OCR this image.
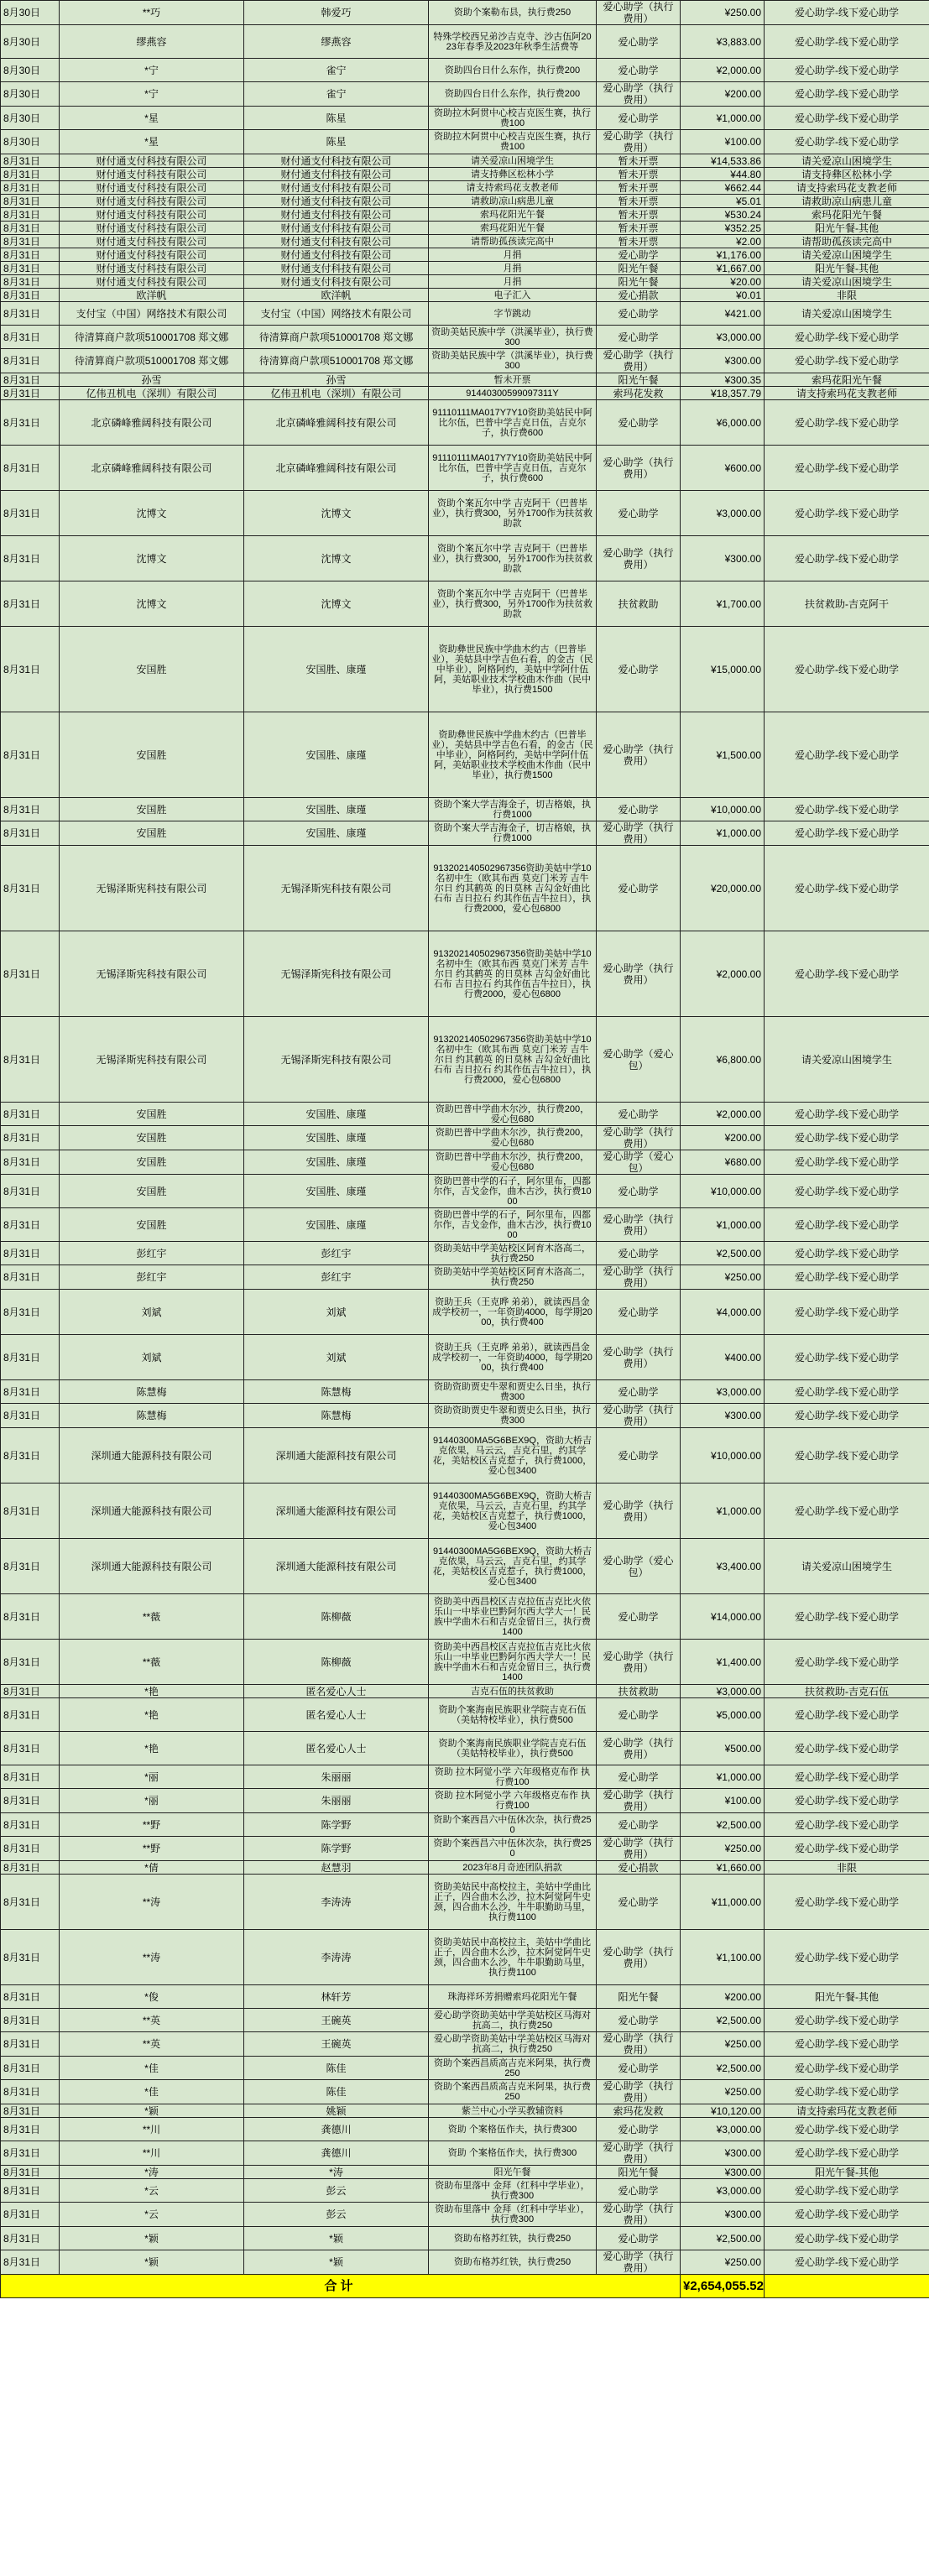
8月30日	**巧	韩爱巧	资助个案勒布县，执行费250	爱心助学（执行费用）	¥250.00	爱心助学-线下爱心助学
8月30日	缪燕容	缪燕容	特殊学校西兄弟沙吉克寺、沙古伍阿2023年春季及2023年秋季生活费等	爱心助学	¥3,883.00	爱心助学-线下爱心助学
8月30日	*宁	雀宁	资助四台日什么东作，执行费200	爱心助学	¥2,000.00	爱心助学-线下爱心助学
8月30日	*宁	雀宁	资助四台日什么东作，执行费200	爱心助学（执行费用）	¥200.00	爱心助学-线下爱心助学
8月30日	*星	陈星	资助拉木阿贯中心校吉克医生赛，执行费100	爱心助学	¥1,000.00	爱心助学-线下爱心助学
8月30日	*星	陈星	资助拉木阿贯中心校吉克医生赛，执行费100	爱心助学（执行费用）	¥100.00	爱心助学-线下爱心助学
8月31日	财付通支付科技有限公司	财付通支付科技有限公司	请关爱凉山困境学生	暂未开票	¥14,533.86	请关爱凉山困境学生
8月31日	财付通支付科技有限公司	财付通支付科技有限公司	请支持彝区松林小学	暂未开票	¥44.80	请支持彝区松林小学
8月31日	财付通支付科技有限公司	财付通支付科技有限公司	请支持索玛花支教老师	暂未开票	¥662.44	请支持索玛花支教老师
8月31日	财付通支付科技有限公司	财付通支付科技有限公司	请救助凉山病患儿童	暂未开票	¥5.01	请救助凉山病患儿童
8月31日	财付通支付科技有限公司	财付通支付科技有限公司	索玛花阳光午餐	暂未开票	¥530.24	索玛花阳光午餐
8月31日	财付通支付科技有限公司	财付通支付科技有限公司	索玛花阳光午餐	暂未开票	¥352.25	阳光午餐-其他
8月31日	财付通支付科技有限公司	财付通支付科技有限公司	请帮助孤孩读完高中	暂未开票	¥2.00	请帮助孤孩读完高中
8月31日	财付通支付科技有限公司	财付通支付科技有限公司	月捐	爱心助学	¥1,176.00	请关爱凉山困境学生
8月31日	财付通支付科技有限公司	财付通支付科技有限公司	月捐	阳光午餐	¥1,667.00	阳光午餐-其他
8月31日	财付通支付科技有限公司	财付通支付科技有限公司	月捐	阳光午餐	¥20.00	请关爱凉山困境学生
8月31日	欧洋帆	欧洋帆	电子汇入	爱心捐款	¥0.01	非限
8月31日	支付宝（中国）网络技术有限公司	支付宝（中国）网络技术有限公司	字节跳动	爱心助学	¥421.00	请关爱凉山困境学生
8月31日	待清算商户款项510001708 郑文娜	待清算商户款项510001708 郑文娜	资助美姑民族中学（洪溪毕业），执行费300	爱心助学	¥3,000.00	爱心助学-线下爱心助学
8月31日	待清算商户款项510001708 郑文娜	待清算商户款项510001708 郑文娜	资助美姑民族中学（洪溪毕业），执行费300	爱心助学（执行费用）	¥300.00	爱心助学-线下爱心助学
8月31日	孙雪	孙雪	暂未开票	阳光午餐	¥300.35	索玛花阳光午餐
8月31日	亿伟丑机电（深圳）有限公司	亿伟丑机电（深圳）有限公司	91440300599097311Y	索玛花发救	¥18,357.79	请支持索玛花支教老师
8月31日	北京磷峰雅阔科技有限公司	北京磷峰雅阔科技有限公司	91110111MA017Y7Y10资助美姑民中阿比尔伍，巴普中学吉克日伍，吉克尔子，执行费600	爱心助学	¥6,000.00	爱心助学-线下爱心助学
8月31日	北京磷峰雅阔科技有限公司	北京磷峰雅阔科技有限公司	91110111MA017Y7Y10资助美姑民中阿比尔伍，巴普中学吉克日伍，吉克尔子，执行费600	爱心助学（执行费用）	¥600.00	爱心助学-线下爱心助学
8月31日	沈博文	沈博文	资助个案瓦尔中学 吉克阿干（巴普毕业），执行费300，另外1700作为扶贫救助款	爱心助学	¥3,000.00	爱心助学-线下爱心助学
8月31日	沈博文	沈博文	资助个案瓦尔中学 吉克阿干（巴普毕业），执行费300，另外1700作为扶贫救助款	爱心助学（执行费用）	¥300.00	爱心助学-线下爱心助学
8月31日	沈博文	沈博文	资助个案瓦尔中学 吉克阿干（巴普毕业），执行费300，另外1700作为扶贫救助款	扶贫救助	¥1,700.00	扶贫救助-吉克阿干
8月31日	安国胜	安国胜、康瑾	资助彝世民族中学曲木约古（巴普毕业），美姑县中学吉色石看，的金古（民中毕业），阿格阿约，美姑中学阿什伍阿，美姑职业技术学校曲木作曲（民中毕业），执行费1500	爱心助学	¥15,000.00	爱心助学-线下爱心助学
8月31日	安国胜	安国胜、康瑾	资助彝世民族中学曲木约古（巴普毕业），美姑县中学吉色石看，的金古（民中毕业），阿格阿约，美姑中学阿什伍阿，美姑职业技术学校曲木作曲（民中毕业），执行费1500	爱心助学（执行费用）	¥1,500.00	爱心助学-线下爱心助学
8月31日	安国胜	安国胜、康瑾	资助个案大学吉海金子，切吉格娘，执行费1000	爱心助学	¥10,000.00	爱心助学-线下爱心助学
8月31日	安国胜	安国胜、康瑾	资助个案大学吉海金子，切吉格娘，执行费1000	爱心助学（执行费用）	¥1,000.00	爱心助学-线下爱心助学
8月31日	无锡泽斯宪科技有限公司	无锡泽斯宪科技有限公司	913202140502967356资助美姑中学10名初中生（欧其布西 莫克门米芳 吉牛尔日 约其鹤英 的日莫林 吉勾金好曲比石布 吉日拉石 约其作伍吉牛拉日），执行费2000，爱心包6800	爱心助学	¥20,000.00	爱心助学-线下爱心助学
8月31日	无锡泽斯宪科技有限公司	无锡泽斯宪科技有限公司	913202140502967356资助美姑中学10名初中生（欧其布西 莫克门米芳 吉牛尔日 约其鹤英 的日莫林 吉勾金好曲比石布 吉日拉石 约其作伍吉牛拉日），执行费2000，爱心包6800	爱心助学（执行费用）	¥2,000.00	爱心助学-线下爱心助学
8月31日	无锡泽斯宪科技有限公司	无锡泽斯宪科技有限公司	913202140502967356资助美姑中学10名初中生（欧其布西 莫克门米芳 吉牛尔日 约其鹤英 的日莫林 吉勾金好曲比石布 吉日拉石 约其作伍吉牛拉日），执行费2000，爱心包6800	爱心助学（爱心包）	¥6,800.00	请关爱凉山困境学生
8月31日	安国胜	安国胜、康瑾	资助巴普中学曲木尔沙，执行费200，爱心包680	爱心助学	¥2,000.00	爱心助学-线下爱心助学
8月31日	安国胜	安国胜、康瑾	资助巴普中学曲木尔沙，执行费200，爱心包680	爱心助学（执行费用）	¥200.00	爱心助学-线下爱心助学
8月31日	安国胜	安国胜、康瑾	资助巴普中学曲木尔沙，执行费200，爱心包680	爱心助学（爱心包）	¥680.00	爱心助学-线下爱心助学
8月31日	安国胜	安国胜、康瑾	资助巴普中学的石子，阿尔里布，四都尔作，吉戈金作，曲木古沙，执行费1000	爱心助学	¥10,000.00	爱心助学-线下爱心助学
8月31日	安国胜	安国胜、康瑾	资助巴普中学的石子，阿尔里布，四都尔作，吉戈金作，曲木古沙，执行费1000	爱心助学（执行费用）	¥1,000.00	爱心助学-线下爱心助学
8月31日	彭红宇	彭红宇	资助美姑中学美姑校区阿育木洛高二，执行费250	爱心助学	¥2,500.00	爱心助学-线下爱心助学
8月31日	彭红宇	彭红宇	资助美姑中学美姑校区阿育木洛高二，执行费250	爱心助学（执行费用）	¥250.00	爱心助学-线下爱心助学
8月31日	刘斌	刘斌	资助王兵（王克晔 弟弟），就读西昌金成学校初一，一年资助4000，每学期2000，执行费400	爱心助学	¥4,000.00	爱心助学-线下爱心助学
8月31日	刘斌	刘斌	资助王兵（王克晔 弟弟），就读西昌金成学校初一，一年资助4000，每学期2000，执行费400	爱心助学（执行费用）	¥400.00	爱心助学-线下爱心助学
8月31日	陈慧梅	陈慧梅	资助资助贾史牛翠和贾史么日坐，执行费300	爱心助学	¥3,000.00	爱心助学-线下爱心助学
8月31日	陈慧梅	陈慧梅	资助资助贾史牛翠和贾史么日坐，执行费300	爱心助学（执行费用）	¥300.00	爱心助学-线下爱心助学
8月31日	深圳通大能源科技有限公司	深圳通大能源科技有限公司	91440300MA5G6BEX9Q，资助大桥吉克依果，马云云，吉克石里，约其学花，美姑校区吉克惹子，执行费1000，爱心包3400	爱心助学	¥10,000.00	爱心助学-线下爱心助学
8月31日	深圳通大能源科技有限公司	深圳通大能源科技有限公司	91440300MA5G6BEX9Q，资助大桥吉克依果，马云云，吉克石里，约其学花，美姑校区吉克惹子，执行费1000，爱心包3400	爱心助学（执行费用）	¥1,000.00	爱心助学-线下爱心助学
8月31日	深圳通大能源科技有限公司	深圳通大能源科技有限公司	91440300MA5G6BEX9Q，资助大桥吉克依果，马云云，吉克石里，约其学花，美姑校区吉克惹子，执行费1000，爱心包3400	爱心助学（爱心包）	¥3,400.00	请关爱凉山困境学生
8月31日	**薇	陈柳薇	资助美中西昌校区吉克拉伍吉克比火依乐山一中毕业巴黔阿尔西大学大一！民族中学曲木石和吉克金留日三，执行费1400	爱心助学	¥14,000.00	爱心助学-线下爱心助学
8月31日	**薇	陈柳薇	资助美中西昌校区吉克拉伍吉克比火依乐山一中毕业巴黔阿尔西大学大一！民族中学曲木石和吉克金留日三，执行费1400	爱心助学（执行费用）	¥1,400.00	爱心助学-线下爱心助学
8月31日	*艳	匿名爱心人士	吉克石伍的扶贫救助	扶贫救助	¥3,000.00	扶贫救助-吉克石伍
8月31日	*艳	匿名爱心人士	资助个案海南民族职业学院吉克石伍（美姑特校毕业），执行费500	爱心助学	¥5,000.00	爱心助学-线下爱心助学
8月31日	*艳	匿名爱心人士	资助个案海南民族职业学院吉克石伍（美姑特校毕业），执行费500	爱心助学（执行费用）	¥500.00	爱心助学-线下爱心助学
8月31日	*丽	朱丽丽	资助 拉木阿觉小学 六年级格克布作 执行费100	爱心助学	¥1,000.00	爱心助学-线下爱心助学
8月31日	*丽	朱丽丽	资助 拉木阿觉小学 六年级格克布作 执行费100	爱心助学（执行费用）	¥100.00	爱心助学-线下爱心助学
8月31日	**野	陈学野	资助个案西昌六中伍休次杂，执行费250	爱心助学	¥2,500.00	爱心助学-线下爱心助学
8月31日	**野	陈学野	资助个案西昌六中伍休次杂，执行费250	爱心助学（执行费用）	¥250.00	爱心助学-线下爱心助学
8月31日	*倩	赵慧羽	2023年8月奇迹团队捐款	爱心捐款	¥1,660.00	非限
8月31日	**涛	李涛涛	资助美姑民中高校拉主，美姑中学曲比正子，四合曲木么沙，拉木阿觉阿牛史颈，四合曲木么沙，牛牛职勤助马里，执行费1100	爱心助学	¥11,000.00	爱心助学-线下爱心助学
8月31日	**涛	李涛涛	资助美姑民中高校拉主，美姑中学曲比正子，四合曲木么沙，拉木阿觉阿牛史颈，四合曲木么沙，牛牛职勤助马里，执行费1100	爱心助学（执行费用）	¥1,100.00	爱心助学-线下爱心助学
8月31日	*俊	林轩芳	珠海祥环芳捐赠索玛花阳光午餐	阳光午餐	¥200.00	阳光午餐-其他
8月31日	**英	王碗英	爱心助学资助美姑中学美姑校区马海对抗高二，执行费250	爱心助学	¥2,500.00	爱心助学-线下爱心助学
8月31日	**英	王碗英	爱心助学资助美姑中学美姑校区马海对抗高二，执行费250	爱心助学（执行费用）	¥250.00	爱心助学-线下爱心助学
8月31日	*佳	陈佳	资助个案西昌质高吉克米阿果，执行费250	爱心助学	¥2,500.00	爱心助学-线下爱心助学
8月31日	*佳	陈佳	资助个案西昌质高吉克米阿果，执行费250	爱心助学（执行费用）	¥250.00	爱心助学-线下爱心助学
8月31日	*颖	姚颖	紫兰中心小学买教辅资料	索玛花发救	¥10,120.00	请支持索玛花支教老师
8月31日	**川	龚德川	资助 个案格伍作夫，执行费300	爱心助学	¥3,000.00	爱心助学-线下爱心助学
8月31日	**川	龚德川	资助 个案格伍作夫，执行费300	爱心助学（执行费用）	¥300.00	爱心助学-线下爱心助学
8月31日	*涛	*涛	阳光午餐	阳光午餐	¥300.00	阳光午餐-其他
8月31日	*云	彭云	资助布里落中 金拜（红科中学毕业），执行费300	爱心助学	¥3,000.00	爱心助学-线下爱心助学
8月31日	*云	彭云	资助布里落中 金拜（红科中学毕业），执行费300	爱心助学（执行费用）	¥300.00	爱心助学-线下爱心助学
8月31日	*颖	*颖	资助布格苏红铁，执行费250	爱心助学	¥2,500.00	爱心助学-线下爱心助学
8月31日	*颖	*颖	资助布格苏红铁，执行费250	爱心助学（执行费用）	¥250.00	爱心助学-线下爱心助学
合计					¥2,654,055.52	
